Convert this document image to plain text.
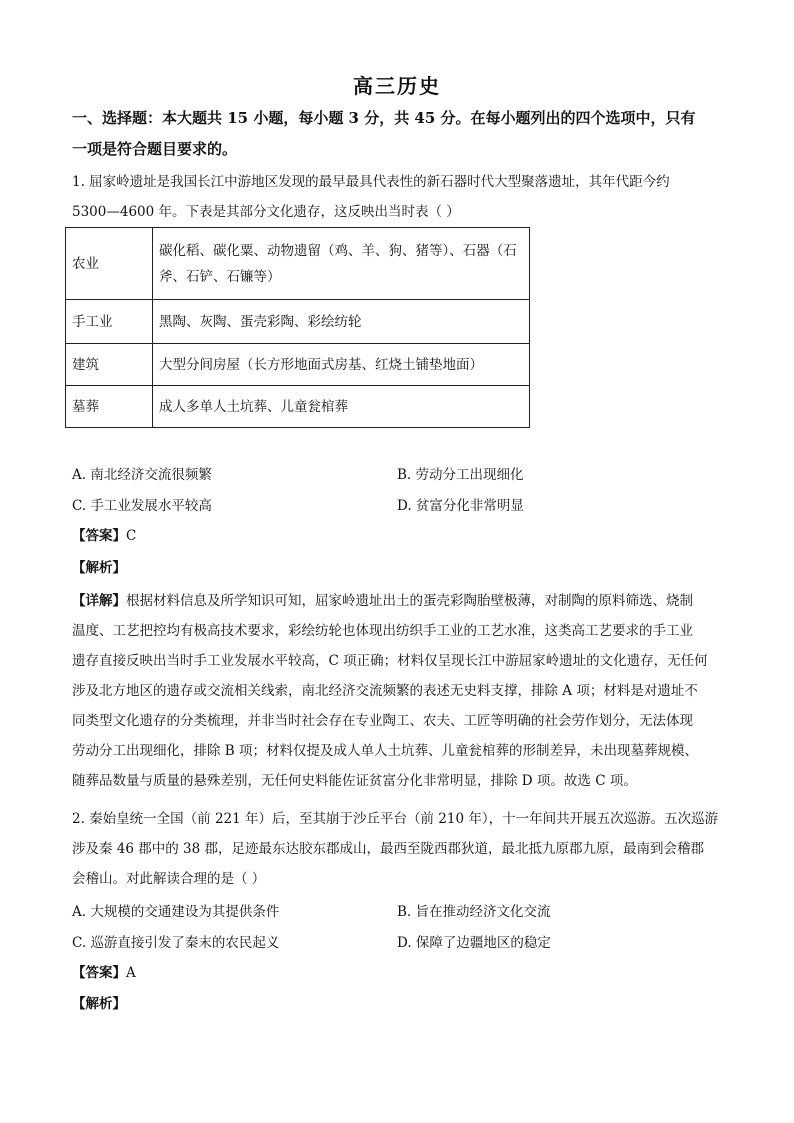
高三历史
一、选择题：本大题共 15 小题，每小题 3 分，共 45 分。在每小题列出的四个选项中，只有
一项是符合题目要求的。
1. 屈家岭遗址是我国长江中游地区发现的最早最具代表性的新石器时代大型聚落遗址，其年代距今约
5300—4600 年。下表是其部分文化遗存，这反映出当时表（ ）
农业	碳化稻、碳化粟、动物遗留（鸡、羊、狗、猪等）、石器（石斧、石铲、石镰等）
手工业	黑陶、灰陶、蛋壳彩陶、彩绘纺轮
建筑	大型分间房屋（长方形地面式房基、红烧土铺垫地面）
墓葬	成人多单人土坑葬、儿童瓮棺葬
A. 南北经济交流很频繁	B. 劳动分工出现细化
C. 手工业发展水平较高	D. 贫富分化非常明显
【答案】C
【解析】
【详解】根据材料信息及所学知识可知，屈家岭遗址出土的蛋壳彩陶胎壁极薄，对制陶的原料筛选、烧制
温度、工艺把控均有极高技术要求，彩绘纺轮也体现出纺织手工业的工艺水准，这类高工艺要求的手工业
遗存直接反映出当时手工业发展水平较高，C 项正确；材料仅呈现长江中游屈家岭遗址的文化遗存，无任何
涉及北方地区的遗存或交流相关线索，南北经济交流频繁的表述无史料支撑，排除 A 项；材料是对遗址不
同类型文化遗存的分类梳理，并非当时社会存在专业陶工、农夫、工匠等明确的社会劳作划分，无法体现
劳动分工出现细化，排除 B 项；材料仅提及成人单人土坑葬、儿童瓮棺葬的形制差异，未出现墓葬规模、
随葬品数量与质量的悬殊差别，无任何史料能佐证贫富分化非常明显，排除 D 项。故选 C 项。
2. 秦始皇统一全国（前 221 年）后，至其崩于沙丘平台（前 210 年），十一年间共开展五次巡游。五次巡游
涉及秦 46 郡中的 38 郡，足迹最东达胶东郡成山，最西至陇西郡狄道，最北抵九原郡九原，最南到会稽郡
会稽山。对此解读合理的是（ ）
A. 大规模的交通建设为其提供条件	B. 旨在推动经济文化交流
C. 巡游直接引发了秦末的农民起义	D. 保障了边疆地区的稳定
【答案】A
【解析】
